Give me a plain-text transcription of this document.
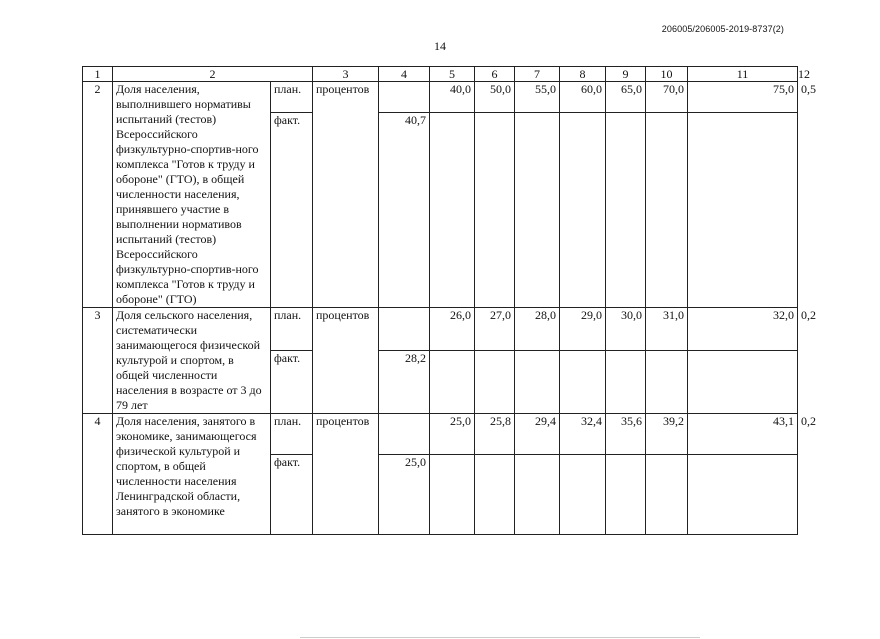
206005/206005-2019-8737(2)
14
1	2		3	4	5	6	7	8	9	10	11	12
2	Доля населения, выполнившего нормативы испытаний (тестов) Всероссийского физкультурно-спортив-ного комплекса "Готов к труду и обороне" (ГТО), в общей численности населения, принявшего участие в выполнении нормативов испытаний (тестов) Всероссийского физкультурно-спортив-ного комплекса "Готов к труду и обороне" (ГТО)	план.	процентов		40,0	50,0	55,0	60,0	65,0	70,0	75,0	0,5
		факт.		40,7								
3	Доля сельского населения, систематически занимающегося физической культурой и спортом, в общей численности населения в возрасте от 3 до 79 лет	план.	процентов		26,0	27,0	28,0	29,0	30,0	31,0	32,0	0,2
		факт.		28,2								
4	Доля населения, занятого в экономике, занимающегося физической культурой и спортом, в общей численности населения Ленинградской области, занятого в экономике	план.	процентов		25,0	25,8	29,4	32,4	35,6	39,2	43,1	0,2
		факт.		25,0								
